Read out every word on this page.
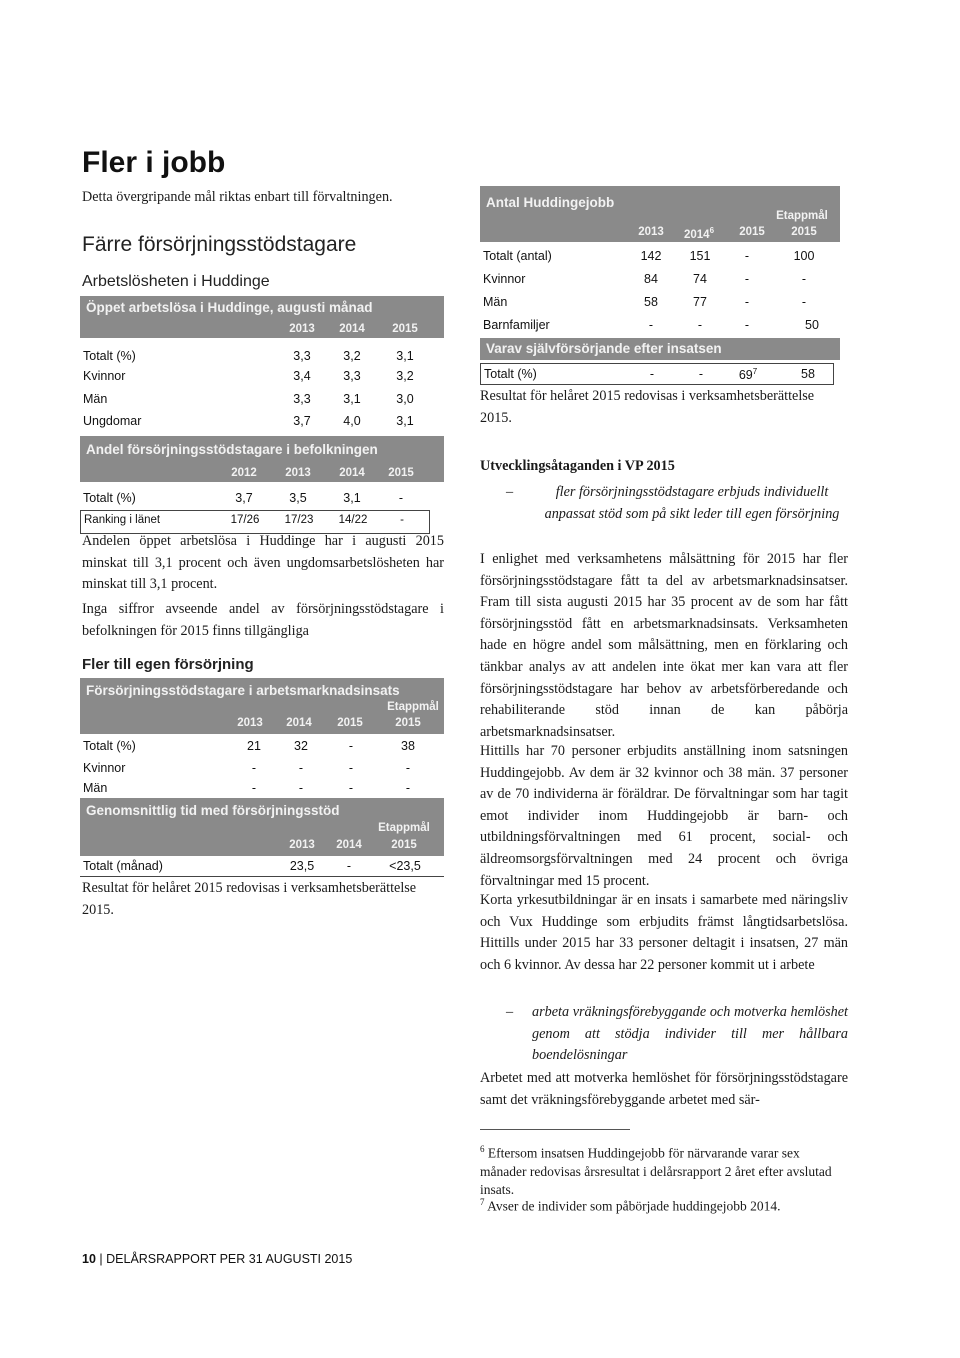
Fler i jobb
Detta övergripande mål riktas enbart till förvaltningen.
Färre försörjningsstödstagare
Arbetslösheten i Huddinge
Öppet arbetslösa i Huddinge, augusti månad
2013	2014	2015
Totalt (%)	3,3	3,2	3,1
Kvinnor	3,4	3,3	3,2
Män	3,3	3,1	3,0
Ungdomar	3,7	4,0	3,1
Andel försörjningsstödstagare i befolkningen
2012	2013	2014	2015
Totalt (%)	3,7	3,5	3,1	-
Ranking i länet	17/26	17/23	14/22	-
Andelen öppet arbetslösa i Huddinge har i augusti 2015 minskat till 3,1 procent och även ungdomsarbetslösheten har minskat till 3,1 procent.
Inga siffror avseende andel av försörjningsstödstagare i befolkningen för 2015 finns tillgängliga
Fler till egen försörjning
Försörjningsstödstagare i arbetsmarknadsinsats
Etappmål
2013	2014	2015	2015
Totalt (%)	21	32	-	38
Kvinnor	-	-	-	-
Män	-	-	-	-
Genomsnittlig tid med försörjningsstöd
Etappmål
2013	2014	2015
Totalt (månad)	23,5	-	<23,5
Resultat för helåret 2015 redovisas i verksamhetsberättelse 2015.
Antal Huddingejobb
Etappmål
2013	2014$^6$	2015	2015
Totalt (antal)	142	151	-	100
Kvinnor	84	74	-	-
Män	58	77	-	-
Barnfamiljer	-	-	-	50
Varav självförsörjande efter insatsen
Totalt (%)	-	-	$69^7$	58
Resultat för helåret 2015 redovisas i verksamhetsberättelse 2015.
Utvecklingsåtaganden i VP 2015
–	fler försörjningsstödstagare erbjuds individuellt anpassat stöd som på sikt leder till egen försörjning
I enlighet med verksamhetens målsättning för 2015 har fler försörjningsstödstagare fått ta del av arbetsmarknadsinsatser. Fram till sista augusti 2015 har 35 procent av de som har fått försörjningsstöd fått en arbetsmarknadsinsats. Verksamheten hade en högre andel som målsättning, men en förklaring och tänkbar analys av att andelen inte ökat mer kan vara att fler försörjningsstödstagare har behov av arbetsförberedande och rehabiliterande stöd innan de kan påbörja arbetsmarknadsinsatser.
Hittills har 70 personer erbjudits anställning inom satsningen Huddingejobb. Av dem är 32 kvinnor och 38 män. 37 personer av de 70 individerna är föräldrar. De förvaltningar som har tagit emot individer inom Huddingejobb är barn- och utbildningsförvaltningen med 61 procent, social- och äldreomsorgsförvaltningen med 24 procent och övriga förvaltningar med 15 procent.
Korta yrkesutbildningar är en insats i samarbete med näringsliv och Vux Huddinge som erbjudits främst långtidsarbetslösa. Hittills under 2015 har 33 personer deltagit i insatsen, 27 män och 6 kvinnor. Av dessa har 22 personer kommit ut i arbete
– arbeta vräkningsförebyggande och motverka hemlöshet genom att stödja individer till mer hållbara boendelösningar
Arbetet med att motverka hemlöshet för försörjningsstödstagare samt det vräkningsförebyggande arbetet med sär-
$^6$ Eftersom insatsen Huddingejobb för närvarande varar sex månader redovisas årsresultat i delårsrapport 2 året efter avslutad insats.
$^7$ Avser de individer som påbörjade huddingejobb 2014.
10 | DELÅRSRAPPORT PER 31 AUGUSTI 2015
